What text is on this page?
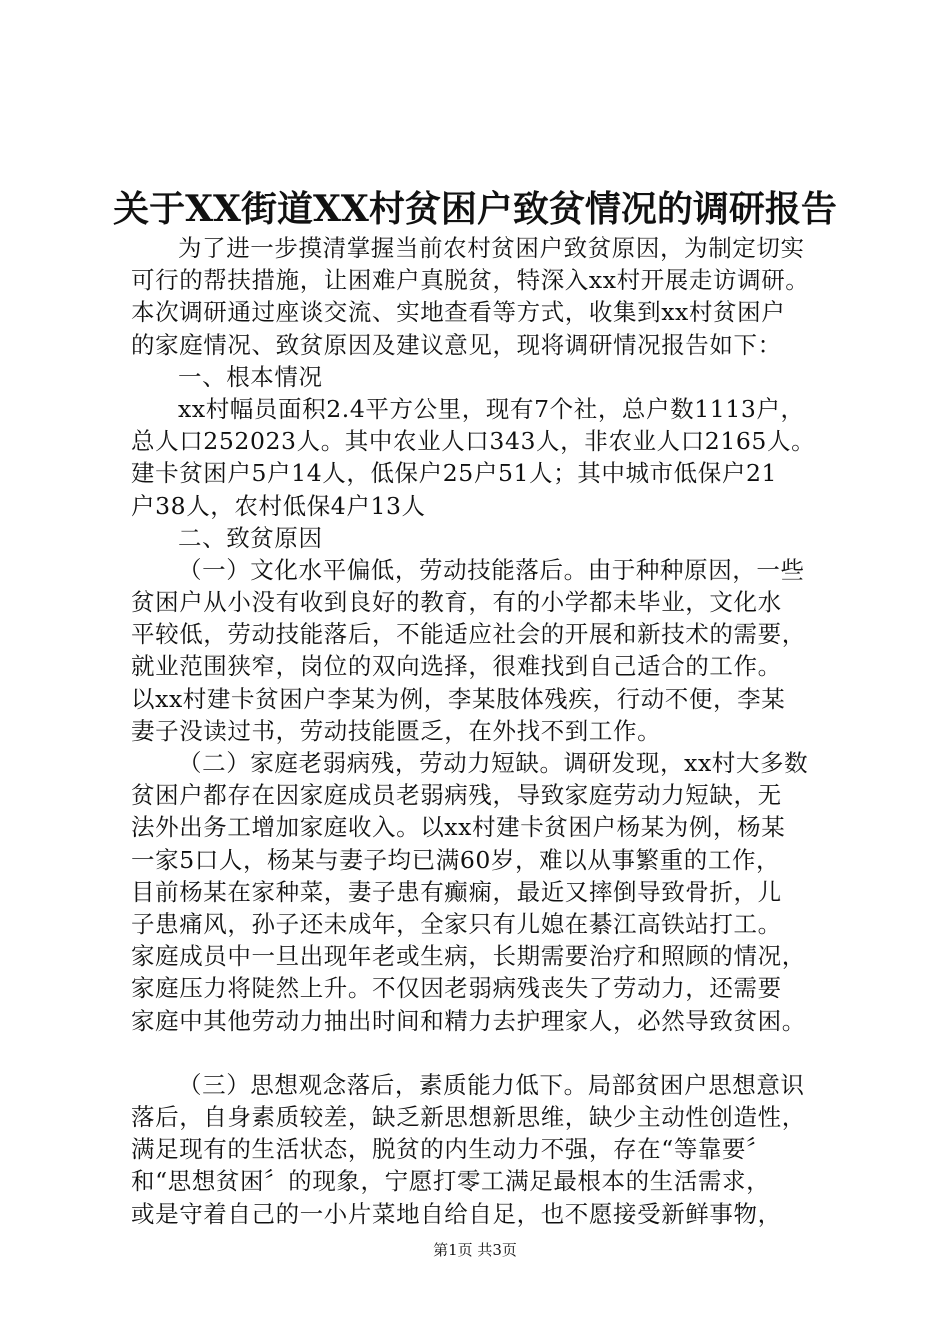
关于XX街道XX村贫困户致贫情况的调研报告
为了进一步摸清掌握当前农村贫困户致贫原因，为制定切实
可行的帮扶措施，让困难户真脱贫，特深入xx村开展走访调研。
本次调研通过座谈交流、实地查看等方式，收集到xx村贫困户
的家庭情况、致贫原因及建议意见，现将调研情况报告如下：
一、根本情况
xx村幅员面积2.4平方公里，现有7个社，总户数1113户，
总人口252023人。其中农业人口343人，非农业人口2165人。
建卡贫困户5户14人，低保户25户51人；其中城市低保户21
户38人，农村低保4户13人
二、致贫原因
（一）文化水平偏低，劳动技能落后。由于种种原因，一些
贫困户从小没有收到良好的教育，有的小学都未毕业，文化水
平较低，劳动技能落后，不能适应社会的开展和新技术的需要，
就业范围狭窄，岗位的双向选择，很难找到自己适合的工作。
以xx村建卡贫困户李某为例，李某肢体残疾，行动不便，李某
妻子没读过书，劳动技能匮乏，在外找不到工作。
（二）家庭老弱病残，劳动力短缺。调研发现，xx村大多数
贫困户都存在因家庭成员老弱病残，导致家庭劳动力短缺，无
法外出务工增加家庭收入。以xx村建卡贫困户杨某为例，杨某
一家5口人，杨某与妻子均已满60岁，难以从事繁重的工作，
目前杨某在家种菜，妻子患有癫痫，最近又摔倒导致骨折，儿
子患痛风，孙子还未成年，全家只有儿媳在綦江高铁站打工。
家庭成员中一旦出现年老或生病，长期需要治疗和照顾的情况，
家庭压力将陡然上升。不仅因老弱病残丧失了劳动力，还需要
家庭中其他劳动力抽出时间和精力去护理家人，必然导致贫困。
（三）思想观念落后，素质能力低下。局部贫困户思想意识
落后，自身素质较差，缺乏新思想新思维，缺少主动性创造性，
满足现有的生活状态，脱贫的内生动力不强，存在“等靠要〞
和“思想贫困〞的现象，宁愿打零工满足最根本的生活需求，
或是守着自己的一小片菜地自给自足，也不愿接受新鲜事物，
第1页 共3页
